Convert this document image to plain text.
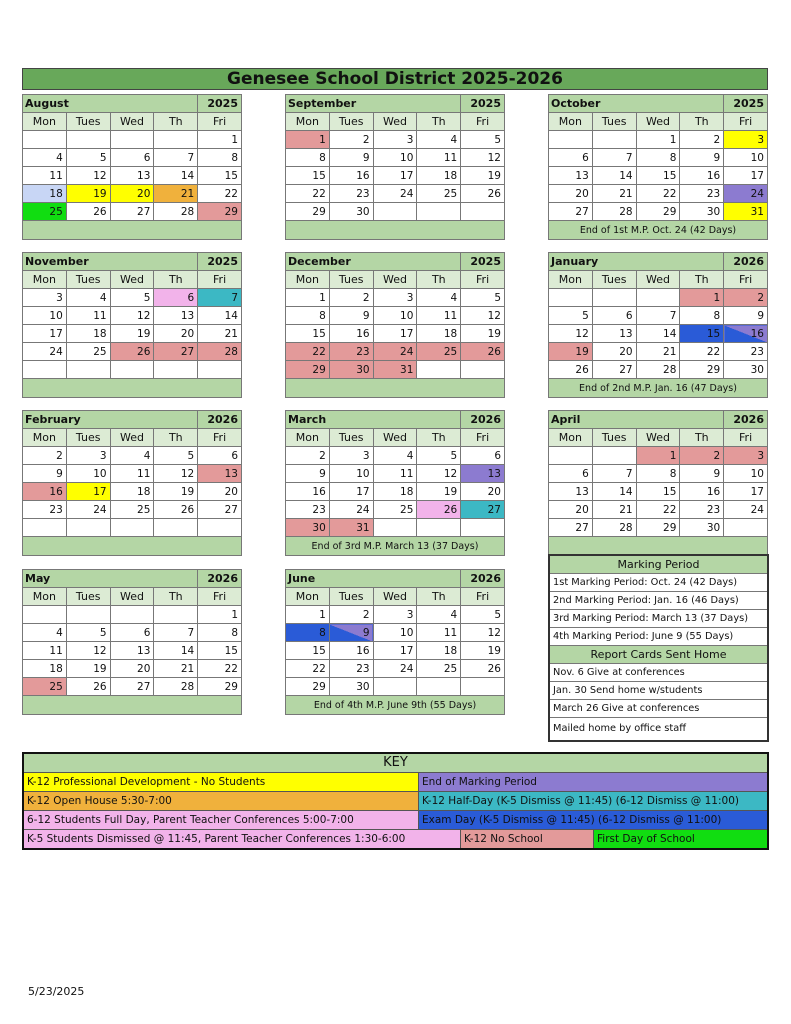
Genesee School District 2025-2026
August				2025
Mon	Tues	Wed	Th	Fri
				1
4	5	6	7	8
11	12	13	14	15
18	19	20	21	22
25	26	27	28	29

September				2025
Mon	Tues	Wed	Th	Fri
1	2	3	4	5
8	9	10	11	12
15	16	17	18	19
22	23	24	25	26
29	30			

October				2025
Mon	Tues	Wed	Th	Fri
		1	2	3
6	7	8	9	10
13	14	15	16	17
20	21	22	23	24
27	28	29	30	31
End of 1st M.P. Oct. 24 (42 Days)				
November				2025
Mon	Tues	Wed	Th	Fri
3	4	5	6	7
10	11	12	13	14
17	18	19	20	21
24	25	26	27	28

December				2025
Mon	Tues	Wed	Th	Fri
1	2	3	4	5
8	9	10	11	12
15	16	17	18	19
22	23	24	25	26
29	30	31		

January				2026
Mon	Tues	Wed	Th	Fri
			1	2
5	6	7	8	9
12	13	14	15	16
19	20	21	22	23
26	27	28	29	30
End of 2nd M.P. Jan. 16 (47 Days)				
February				2026
Mon	Tues	Wed	Th	Fri
2	3	4	5	6
9	10	11	12	13
16	17	18	19	20
23	24	25	26	27

March				2026
Mon	Tues	Wed	Th	Fri
2	3	4	5	6
9	10	11	12	13
16	17	18	19	20
23	24	25	26	27
30	31			
End of 3rd M.P. March 13 (37 Days)				
April				2026
Mon	Tues	Wed	Th	Fri
		1	2	3
6	7	8	9	10
13	14	15	16	17
20	21	22	23	24
27	28	29	30	

May				2026
Mon	Tues	Wed	Th	Fri
				1
4	5	6	7	8
11	12	13	14	15
18	19	20	21	22
25	26	27	28	29

June				2026
Mon	Tues	Wed	Th	Fri
1	2	3	4	5
8	9	10	11	12
15	16	17	18	19
22	23	24	25	26
29	30			
End of 4th M.P. June 9th (55 Days)				
Marking Period
1st Marking Period: Oct. 24 (42 Days)
2nd Marking Period: Jan. 16 (46 Days)
3rd Marking Period: March 13 (37 Days)
4th Marking Period: June 9 (55 Days)
Report Cards Sent Home
Nov. 6 Give at conferences
Jan. 30 Send home w/students
March 26 Give at conferences
Mailed home by office staff
KEY
K-12 Professional Development - No Students	End of Marking Period
K-12 Open House 5:30-7:00	K-12 Half-Day (K-5 Dismiss @ 11:45) (6-12 Dismiss @ 11:00)
6-12 Students Full Day, Parent Teacher Conferences 5:00-7:00	Exam Day (K-5 Dismiss @ 11:45) (6-12 Dismiss @ 11:00)
K-5 Students Dismissed @ 11:45, Parent Teacher Conferences 1:30-6:00	K-12 No School	First Day of School
5/23/2025
